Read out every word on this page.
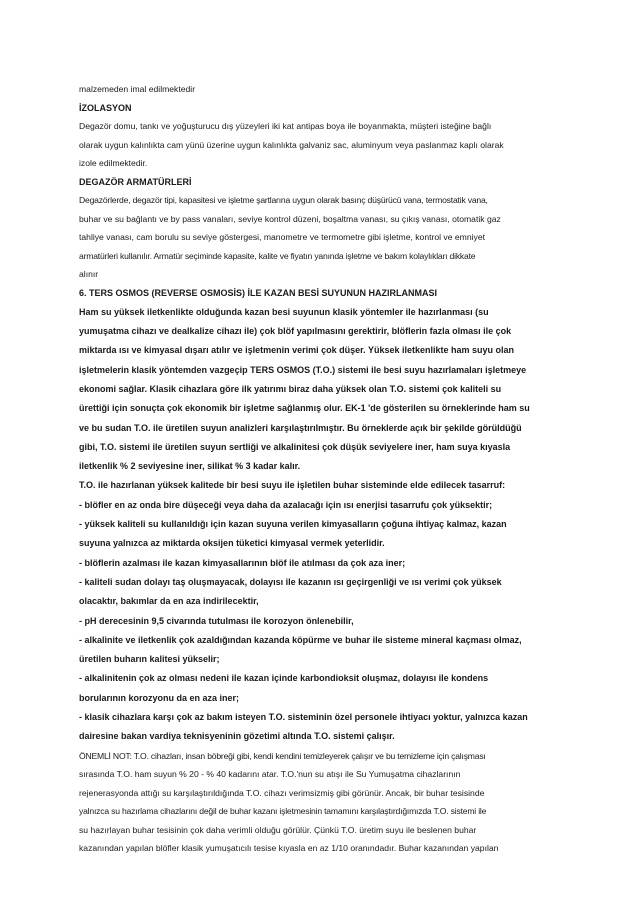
malzemeden imal edilmektedir
İZOLASYON
Degazör domu, tankı ve yoğuşturucu dış yüzeyleri iki kat antipas boya ile boyanmakta, müşteri isteğine bağlı
olarak uygun kalınlıkta cam yünü üzerine uygun kalınlıkta galvaniz sac, aluminyum veya paslanmaz kaplı olarak
izole edilmektedir.
DEGAZÖR ARMATÜRLERİ
Degazörlerde, degazör tipi, kapasitesi ve işletme şartlarına uygun olarak basınç düşürücü vana, termostatik vana,
buhar ve su bağlantı ve by pass vanaları, seviye kontrol düzeni, boşaltma vanası, su çıkış vanası, otomatik gaz
tahliye vanası, cam borulu su seviye göstergesi, manometre ve termometre gibi işletme, kontrol ve emniyet
armatürleri kullanılır. Armatür seçiminde kapasite, kalite ve fiyatın yanında işletme ve bakım kolaylıkları dikkate
alınır
6. TERS OSMOS (REVERSE OSMOSİS) İLE KAZAN BESİ SUYUNUN HAZIRLANMASI
Ham su yüksek iletkenlikte olduğunda kazan besi suyunun klasik yöntemler ile hazırlanması (su
yumuşatma cihazı ve dealkalize cihazı ile) çok blöf yapılmasını gerektirir, blöflerin fazla olması ile çok
miktarda ısı ve kimyasal dışarı atılır ve işletmenin verimi çok düşer. Yüksek iletkenlikte ham suyu olan
işletmelerin klasik yöntemden vazgeçip TERS OSMOS (T.O.) sistemi ile besi suyu hazırlamaları işletmeye
ekonomi sağlar. Klasik cihazlara göre ilk yatırımı biraz daha yüksek olan T.O. sistemi çok kaliteli su
ürettiği için sonuçta çok ekonomik bir işletme sağlanmış olur. EK-1 'de gösterilen su örneklerinde ham su
ve bu sudan T.O. ile üretilen suyun analizleri karşılaştırılmıştır. Bu örneklerde açık bir şekilde görüldüğü
gibi, T.O. sistemi ile üretilen suyun sertliği ve alkalinitesi çok düşük seviyelere iner, ham suya kıyasla
iletkenlik % 2 seviyesine iner, silikat % 3 kadar kalır.
T.O. ile hazırlanan yüksek kalitede bir besi suyu ile işletilen buhar sisteminde elde edilecek tasarruf:
- blöfler en az onda bire düşeceği veya daha da azalacağı için ısı enerjisi tasarrufu çok yüksektir;
- yüksek kaliteli su kullanıldığı için kazan suyuna verilen kimyasalların çoğuna ihtiyaç kalmaz, kazan
suyuna yalnızca az miktarda oksijen tüketici kimyasal vermek yeterlidir.
- blöflerin azalması ile kazan kimyasallarının blöf ile atılması da çok aza iner;
- kaliteli sudan dolayı taş oluşmayacak, dolayısı ile kazanın ısı geçirgenliği ve ısı verimi çok yüksek
olacaktır, bakımlar da en aza indirilecektir,
- pH derecesinin 9,5 civarında tutulması ile korozyon önlenebilir,
- alkalinite ve iletkenlik çok azaldığından kazanda köpürme ve buhar ile sisteme mineral kaçması olmaz,
üretilen buharın kalitesi yükselir;
- alkalinitenin çok az olması nedeni ile kazan içinde karbondioksit oluşmaz, dolayısı ile kondens
borularının korozyonu da en aza iner;
- klasik cihazlara karşı çok az bakım isteyen T.O. sisteminin özel personele ihtiyacı yoktur, yalnızca kazan
dairesine bakan vardiya teknisyeninin gözetimi altında T.O. sistemi çalışır.
ÖNEMLİ NOT: T.O. cihazları, insan böbreği gibi, kendi kendini temizleyerek çalışır ve bu temizleme için çalışması
sırasında T.O. ham suyun % 20 - % 40 kadarını atar. T.O.'nun su atışı ile Su Yumuşatma cihazlarının
rejenerasyonda attığı su karşılaştırıldığında T.O. cihazı verimsizmiş gibi görünür. Ancak, bir buhar tesisinde
yalnızca su hazırlama cihazlarını değil de buhar kazanı işletmesinin tamamını karşılaştırdığımızda T.O. sistemi ile
su hazırlayan buhar tesisinin çok daha verimli olduğu görülür. Çünkü T.O. üretim suyu ile beslenen buhar
kazanından yapılan blöfler klasik yumuşatıcılı tesise kıyasla en az 1/10 oranındadır. Buhar kazanından yapılan
